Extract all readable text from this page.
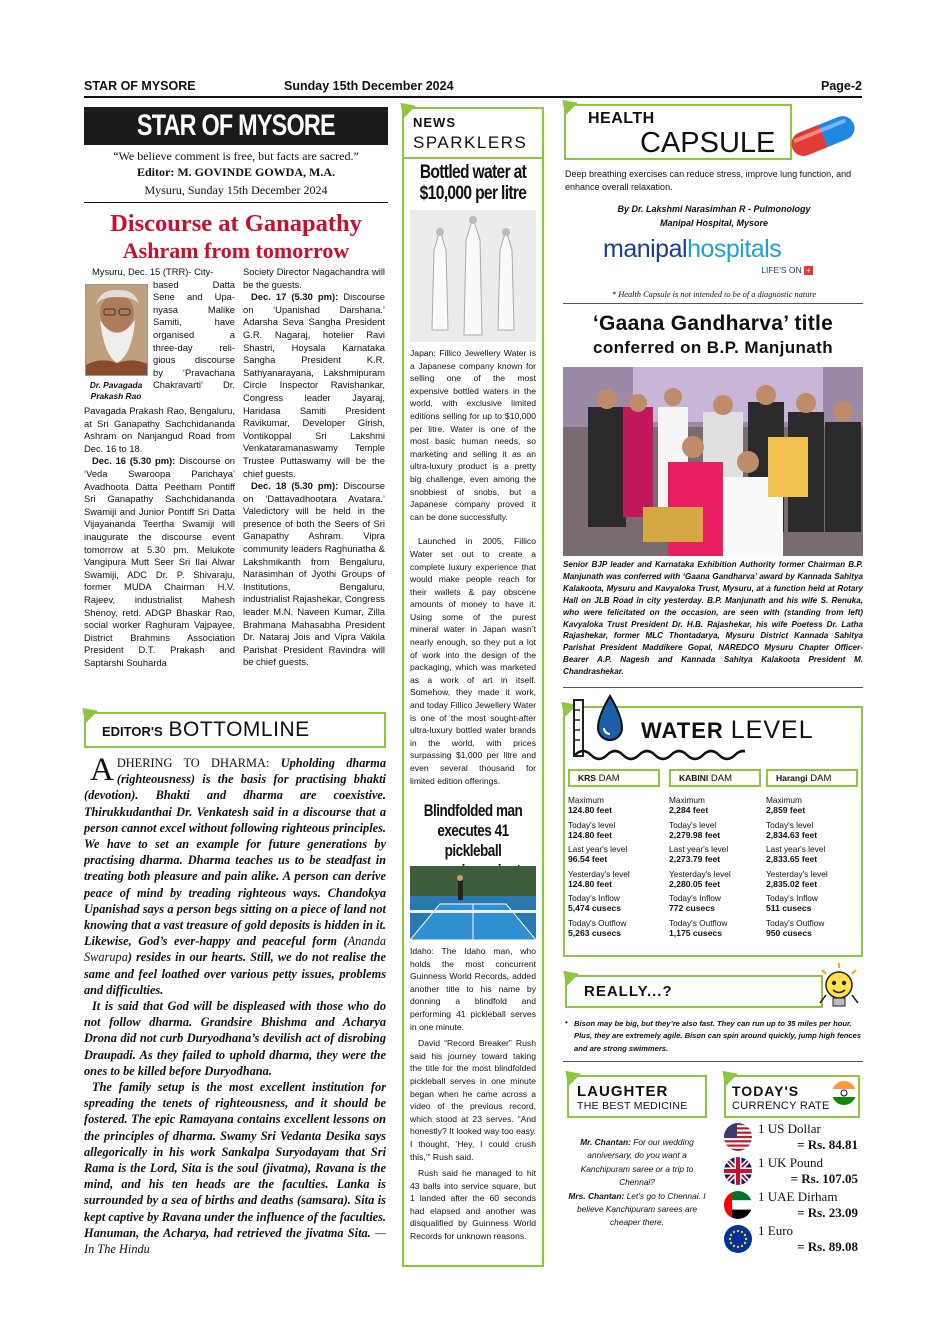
STAR OF MYSORE	Sunday 15th December 2024	Page-2
STAR OF MYSORE
“We believe comment is free, but facts are sacred.”
Editor: M. GOVINDE GOWDA, M.A.
Mysuru, Sunday 15th December 2024
Discourse at Ganapathy
Ashram from tomorrow
Dr. Pavagada
Prakash Rao
Mysuru, Dec. 15 (TRR)- City-
based Datta
Sene and Upa-
nyasa Malike
Samiti, have
organised a
three-day reli-
gious discourse
by ‘Pravachana
Chakravarti’ Dr.

Pavagada Prakash Rao, Bengaluru, at Sri Ganapathy Sachchidananda Ashram on Nanjangud Road from Dec. 16 to 18.

Dec. 16 (5.30 pm): Discourse on ‘Veda Swaroopa Parichaya’ Avadhoota Datta Peetham Pontiff Sri Ganapathy Sachchidananda Swamiji and Junior Pontiff Sri Datta Vijayananda Teertha Swamiji will inaugurate the discourse event tomorrow at 5.30 pm. Melukote Vangipura Mutt Seer Sri Ilai Alwar Swamiji, ADC Dr. P. Shivaraju, former MUDA Chairman H.V. Rajeev, industrialist Mahesh Shenoy, retd. ADGP Bhaskar Rao, social worker Raghuram Vajpayee, District Brahmins Association President D.T. Prakash and Saptarshi Souharda

Society Director Nagachandra will be the guests.

Dec. 17 (5.30 pm): Discourse on ‘Upanishad Darshana.’ Adarsha Seva Sangha President G.R. Nagaraj, hotelier Ravi Shastri, Hoysala Karnataka Sangha President K.R. Sathyanarayana, Lakshmipuram Circle Inspector Ravishankar, Congress leader Jayaraj, Haridasa Samiti President Ravikumar, Developer Girish, Vontikoppal Sri Lakshmi Venkataramanaswamy Temple Trustee Puttaswamy will be the chief guests.

Dec. 18 (5.30 pm): Discourse on ‘Dattavadhootara Avatara.’ Valedictory will be held in the presence of both the Seers of Sri Ganapathy Ashram. Vipra community leaders Raghunatha & Lakshmikanth from Bengaluru, Narasimhan of Jyothi Groups of Institutions, Bengaluru, industrialist Rajashekar, Congress leader M.N. Naveen Kumar, Zilla Brahmana Mahasabha President Dr. Nataraj Jois and Vipra Vakila Parishat President Ravindra will be chief guests.

EDITOR'S BOTTOMLINE

ADHERING TO DHARMA: Upholding dharma (righteousness) is the basis for practising bhakti (devotion). Bhakti and dharma are coexistive. Thirukkudanthai Dr. Venkatesh said in a discourse that a person cannot excel without following righteous principles. We have to set an example for future generations by practising dharma. Dharma teaches us to be steadfast in treating both pleasure and pain alike. A person can derive peace of mind by treading righteous ways. Chandokya Upanishad says a person begs sitting on a piece of land not knowing that a vast treasure of gold deposits is hidden in it. Likewise, God’s ever-happy and peaceful form (Ananda Swarupa) resides in our hearts. Still, we do not realise the same and feel loathed over various petty issues, problems and difficulties.

It is said that God will be displeased with those who do not follow dharma. Grandsire Bhishma and Acharya Drona did not curb Duryodhana’s devilish act of disrobing Draupadi. As they failed to uphold dharma, they were the ones to be killed before Duryodhana.

The family setup is the most excellent institution for spreading the tenets of righteousness, and it should be fostered. The epic Ramayana contains excellent lessons on the principles of dharma. Swamy Sri Vedanta Desika says allegorically in his work Sankalpa Suryodayam that Sri Rama is the Lord, Sita is the soul (jivatma), Ravana is the mind, and his ten heads are the faculties. Lanka is surrounded by a sea of births and deaths (samsara). Sita is kept captive by Ravana under the influence of the faculties. Hanuman, the Acharya, had retrieved the jivatma Sita. —In The Hindu

NEWS
SPARKLERS
Bottled water at
$10,000 per litre

Japan: Fillico Jewellery Water is a Japanese company known for selling one of the most expensive bottled waters in the world, with exclusive limited editions selling for up to $10,000 per litre. Water is one of the most basic human needs, so marketing and selling it as an ultra-luxury product is a pretty big challenge, even among the snobbiest of snobs, but a Japanese company proved it can be done successfully.

Launched in 2005, Fillico Water set out to create a complete luxury experience that would make people reach for their wallets & pay obscene amounts of money to have it. Using some of the purest mineral water in Japan wasn’t nearly enough, so they put a lot of work into the design of the packaging, which was marketed as a work of art in itself. Somehow, they made it work, and today Fillico Jewellery Water is one of the most sought-after ultra-luxury bottled water brands in the world, with prices surpassing $1,000 per litre and even several thousand for limited edition offerings.

Blindfolded man
executes 41 pickleball

Idaho: The Idaho man, who holds the most concurrent Guinness World Records, added another title to his name by donning a blindfold and performing 41 pickleball serves in one minute.

David “Record Breaker” Rush said his journey toward taking the title for the most blindfolded pickleball serves in one minute began when he came across a video of the previous record, which stood at 23 serves. “And honestly? It looked way too easy. I thought, ‘Hey, I could crush this,’” Rush said.

Rush said he managed to hit 43 balls into service square, but 1 landed after the 60 seconds had elapsed and another was disqualified by Guinness World Records for unknown reasons.

HEALTH
CAPSULE
Deep breathing exercises can reduce stress, improve lung function, and enhance overall relaxation.
By Dr. Lakshmi Narasimhan R - Pulmonology
Manipal Hospital, Mysore
manipalhospitals
LIFE'S ON +
* Health Capsule is not intended to be of a diagnostic nature
‘Gaana Gandharva’ title
conferred on B.P. Manjunath
Senior BJP leader and Karnataka Exhibition Authority former Chairman B.P. Manjunath was conferred with ‘Gaana Gandharva’ award by Kannada Sahitya Kalakoota, Mysuru and Kavyaloka Trust, Mysuru, at a function held at Rotary Hall on JLB Road in city yesterday. B.P. Manjunath and his wife S. Renuka, who were felicitated on the occasion, are seen with (standing from left) Kavyaloka Trust President Dr. H.B. Rajashekar, his wife Poetess Dr. Latha Rajashekar, former MLC Thontadarya, Mysuru District Kannada Sahitya Parishat President Maddikere Gopal, NAREDCO Mysuru Chapter Officer-Bearer A.P. Nagesh and Kannada Sahitya Kalakoota President M. Chandrashekar.
WATER LEVEL
KRS DAM
Maximum
124.80 feet
Today's level
124.80 feet
Last year's level
96.54 feet
Yesterday's level
124.80 feet
Today's Inflow
5,474 cusecs
Today's Outflow
5,263 cusecs
KABINI DAM
Maximum
2,284 feet
Today's level
2,279.98 feet
Last year's level
2,273.79 feet
Yesterday's level
2,280.05 feet
Today's Inflow
772 cusecs
Today's Outflow
1,175 cusecs
Harangi DAM
Maximum
2,859 feet
Today's level
2,834.63 feet
Last year's level
2,833.65 feet
Yesterday's level
2,835.02 feet
Today's Inflow
511 cusecs
Today's Outflow
950 cusecs
REALLY...?
• Bison may be big, but they’re also fast. They can run up to 35 miles per hour. Plus, they are extremely agile. Bison can spin around quickly, jump high fences and are strong swimmers.
LAUGHTER
THE BEST MEDICINE

Mr. Chantan: For our wedding anniversary, do you want a Kanchipuram saree or a trip to Chennai?

Mrs. Chantan: Let’s go to Chennai. I believe Kanchipuram sarees are cheaper there.

TODAY'S
CURRENCY RATE
1 US Dollar
= Rs. 84.81
1 UK Pound
= Rs. 107.05
1 UAE Dirham
= Rs. 23.09
1 Euro
= Rs. 89.08
